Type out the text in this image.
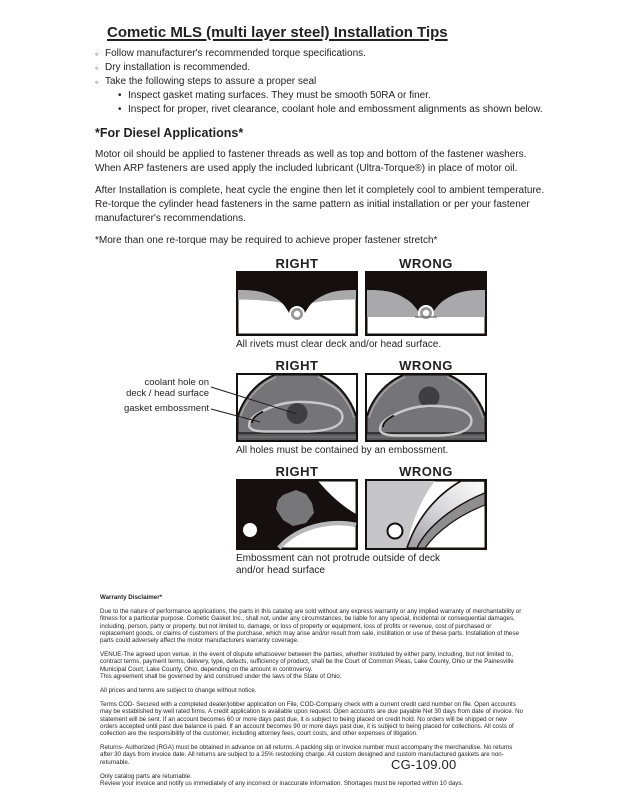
Cometic MLS (multi layer steel) Installation Tips
◦ Follow manufacturer's recommended torque specifications.
◦ Dry installation is recommended.
◦ Take the following steps to assure a proper seal
• Inspect gasket mating surfaces. They must be smooth 50RA or finer.
• Inspect for proper, rivet clearance, coolant hole and embossment alignments as shown below.
*For Diesel Applications*
Motor oil should be applied to fastener threads as well as top and bottom of the fastener washers. When ARP fasteners are used apply the included lubricant (Ultra-Torque®) in place of motor oil.
After Installation is complete, heat cycle the engine then let it completely cool to ambient temperature. Re-torque the cylinder head fasteners in the same pattern as initial installation or per your fastener manufacturer's recommendations.
*More than one re-torque may be required to achieve proper fastener stretch*
coolant hole on
deck / head surface
gasket embossment
RIGHT	WRONG
All rivets must clear deck and/or head surface.
RIGHT	WRONG
All holes must be contained by an embossment.
RIGHT	WRONG
Embossment can not protrude outside of deck
and/or head surface
Warranty Disclaimer*
Due to the nature of performance applications, the parts in this catalog are sold without any express warranty or any implied warranty of merchantability or fitness for a particular purpose. Cometic Gasket Inc., shall not, under any circumstances, be liable for any special, incidental or consequential damages, including, person, party or property, but not limited to, damage, or loss of property or equipment, loss of profits or revenue, cost of purchased or replacement goods, or claims of customers of the purchase, which may arise and/or result from sale, instillation or use of these parts. Installation of these parts could adversely affect the motor manufacturers warranty coverage.
VENUE-The agreed upon venue, in the event of dispute whatsoever between the parties, whether instituted by either party, including, but not limited to, contract terms, payment terms, delivery, type, defects, sufficiency of product, shall be the Court of Common Pleas, Lake County, Ohio or the Painesville Municipal Court, Lake County, Ohio, depending on the amount in controversy.
This agreement shall be governed by and construed under the laws of the State of Ohio.
All prices and terms are subject to change without notice.
Terms COD- Secured with a completed dealer/jobber application on File, COD-Company check with a current credit card number on file. Open accounts may be established by well rated firms. A credit application is available upon request. Open accounts are due payable Net 30 days from date of invoice. No statement will be sent. If an account becomes 60 or more days past due, it is subject to being placed on credit hold. No orders will be shipped or new orders accepted until past due balance is paid. If an account becomes 90 or more days past due, it is subject to being placed for collections. All costs of collection are the responsibility of the customer, including attorney fees, court costs, and other expenses of litigation.
Returns- Authorized (RGA) must be obtained in advance on all returns. A packing slip or invoice number must accompany the merchandise. No returns after 30 days from invoice date. All returns are subject to a 25% restocking charge. All custom designed and custom manufactured gaskets are non-returnable.
Only catalog parts are returnable.
Review your invoice and notify us immediately of any incorrect or inaccurate information. Shortages must be reported within 10 days.
CG-109.00
